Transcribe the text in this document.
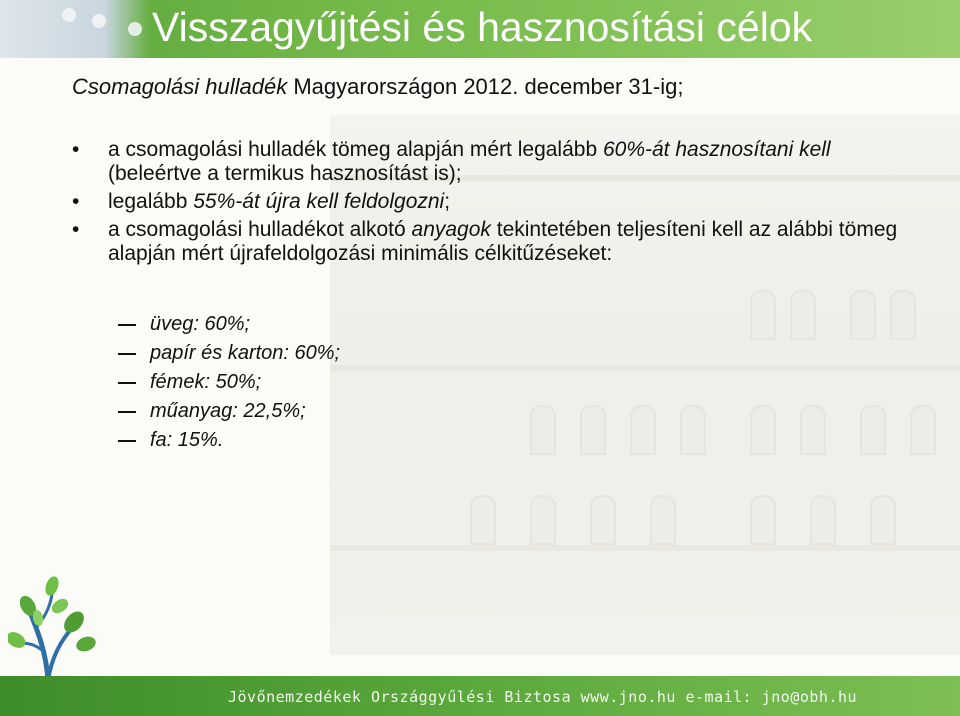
Visszagyűjtési és hasznosítási célok
Csomagolási hulladék Magyarországon 2012. december 31-ig;
• a csomagolási hulladék tömeg alapján mért legalább 60%-át hasznosítani kell (beleértve a termikus hasznosítást is);
• legalább 55%-át újra kell feldolgozni;
• a csomagolási hulladékot alkotó anyagok tekintetében teljesíteni kell az alábbi tömeg alapján mért újrafeldolgozási minimális célkitűzéseket:
üveg: 60%;
papír és karton: 60%;
fémek: 50%;
műanyag: 22,5%;
fa: 15%.
Jövőnemzedékek Országgyűlési Biztosa www.jno.hu e-mail: jno@obh.hu
